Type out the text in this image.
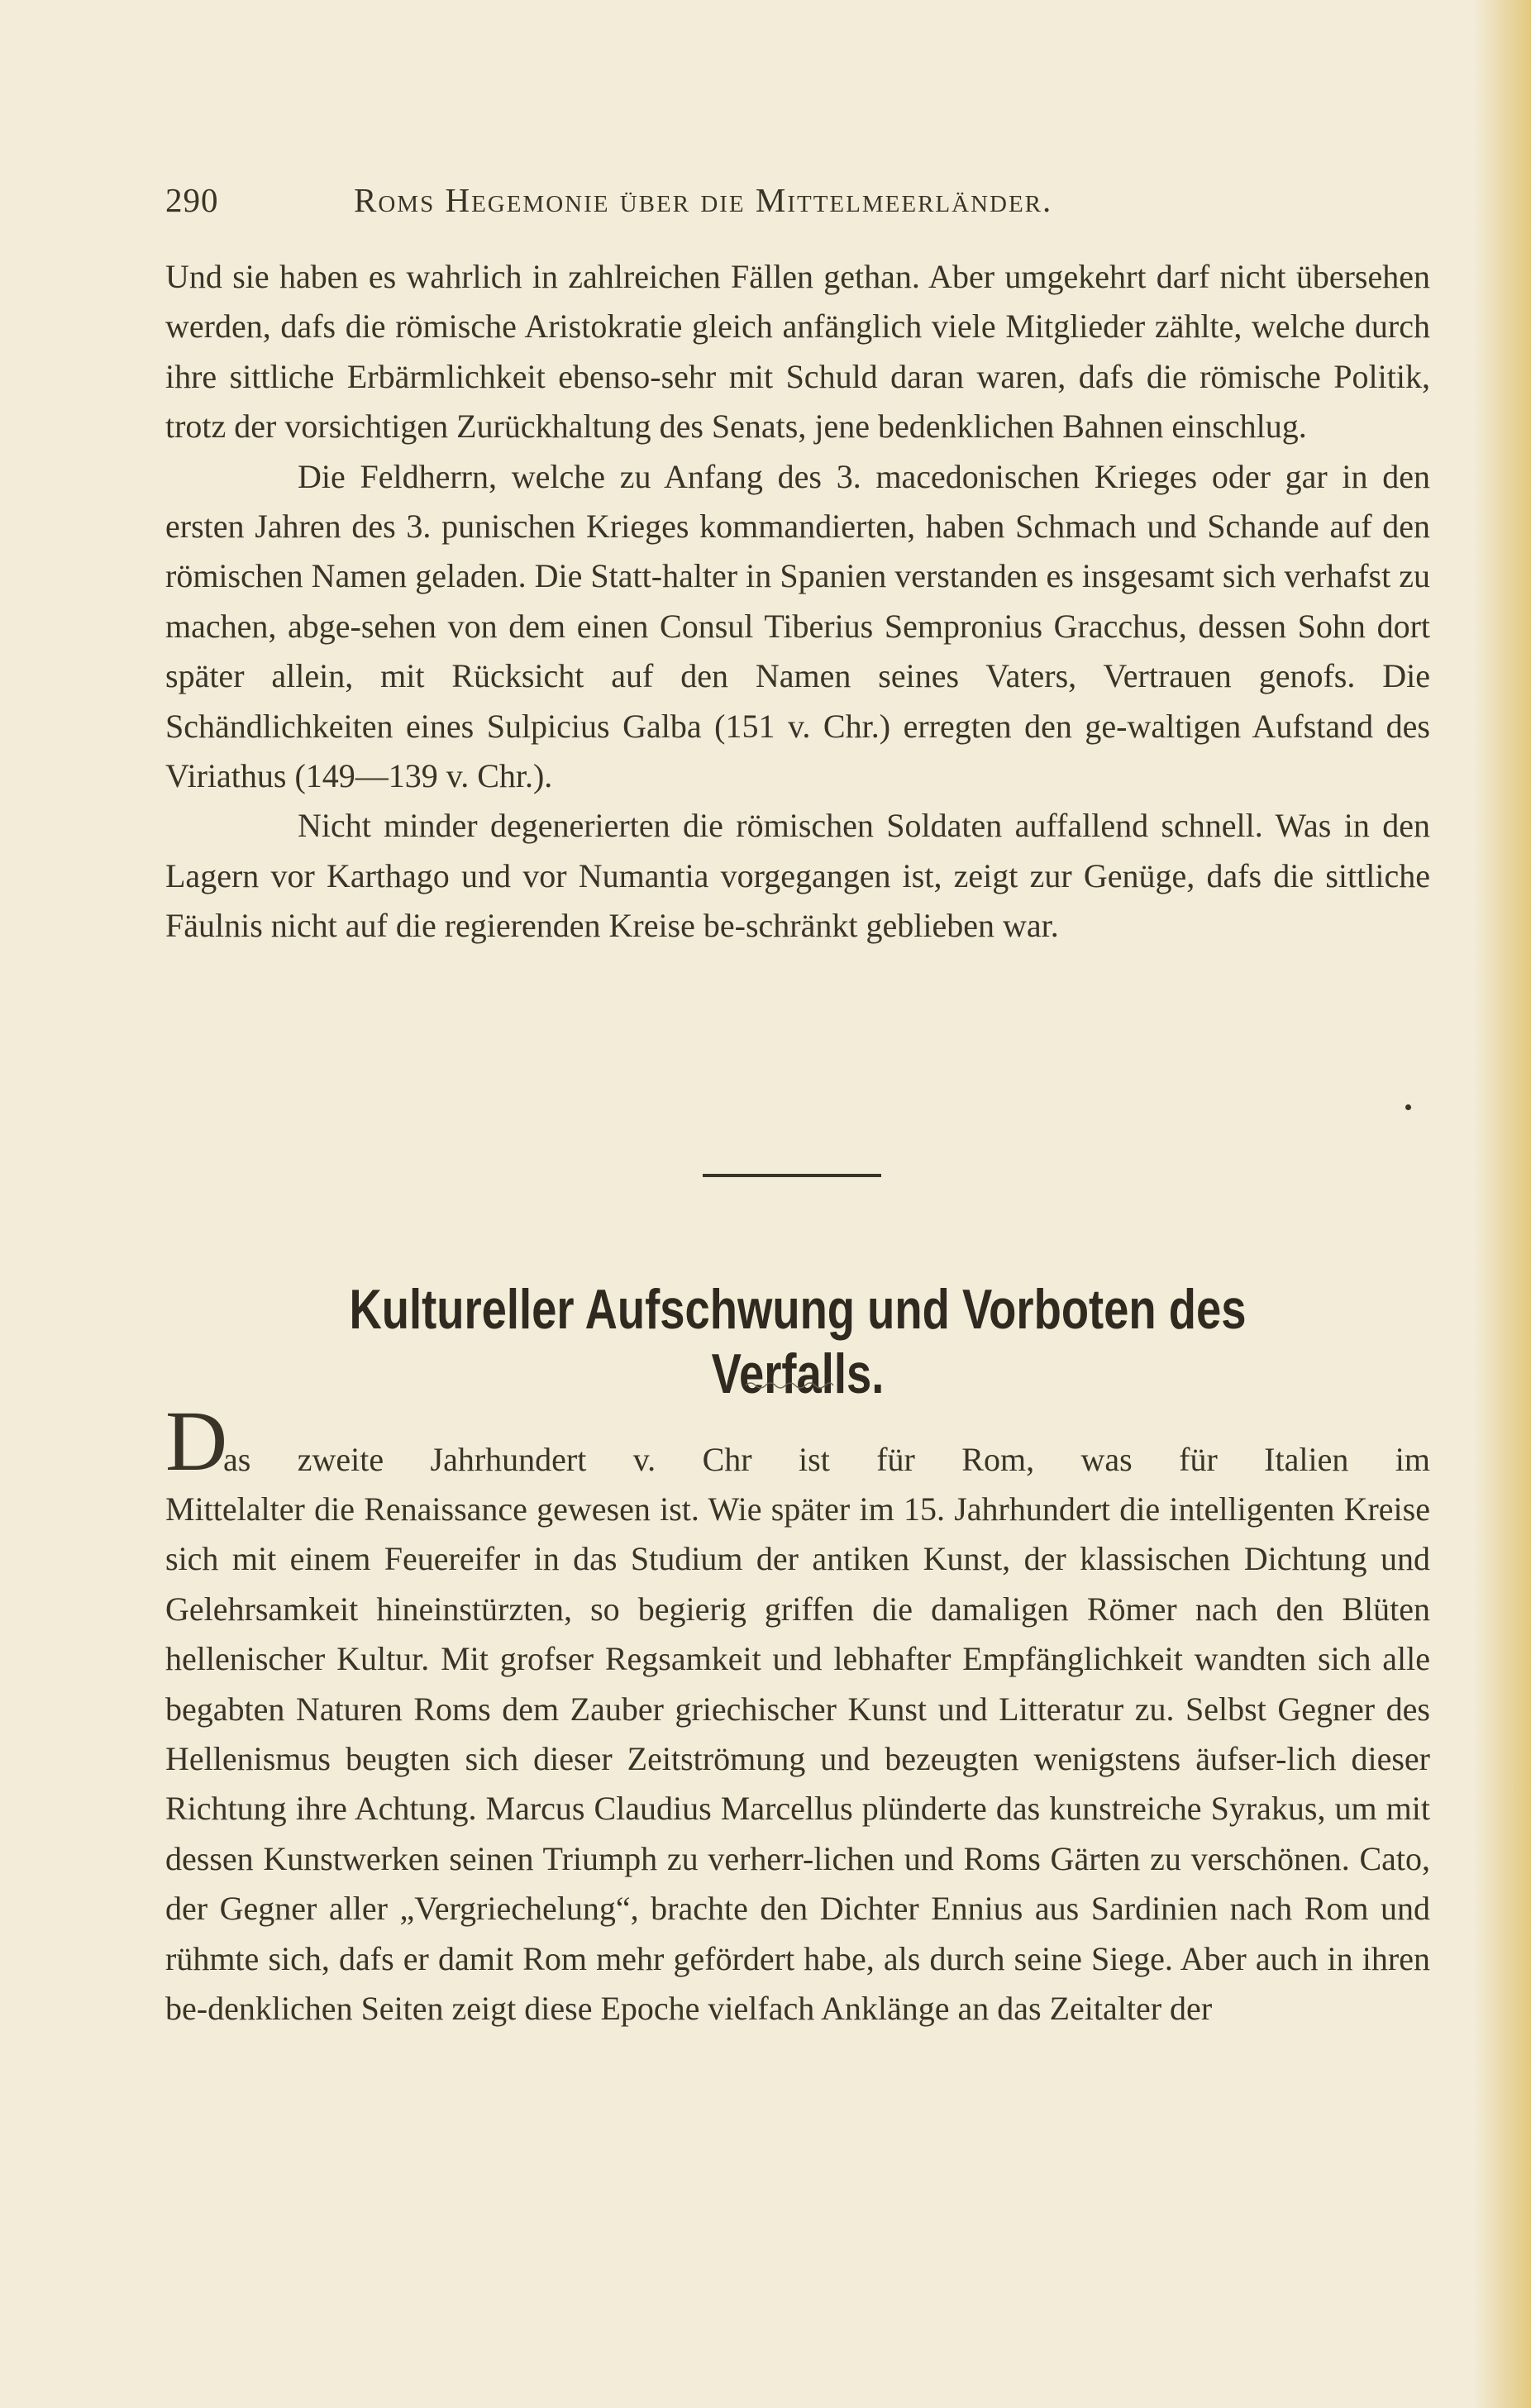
290	Roms Hegemonie über die Mittelmeerländer.

Und sie haben es wahrlich in zahlreichen Fällen gethan. Aber umgekehrt darf nicht übersehen werden, dafs die römische Aristokratie gleich anfänglich viele Mitglieder zählte, welche durch ihre sittliche Erbärmlichkeit ebenso-sehr mit Schuld daran waren, dafs die römische Politik, trotz der vorsichtigen Zurückhaltung des Senats, jene bedenklichen Bahnen einschlug.

Die Feldherrn, welche zu Anfang des 3. macedonischen Krieges oder gar in den ersten Jahren des 3. punischen Krieges kommandierten, haben Schmach und Schande auf den römischen Namen geladen. Die Statt-halter in Spanien verstanden es insgesamt sich verhafst zu machen, abge-sehen von dem einen Consul Tiberius Sempronius Gracchus, dessen Sohn dort später allein, mit Rücksicht auf den Namen seines Vaters, Vertrauen genofs. Die Schändlichkeiten eines Sulpicius Galba (151 v. Chr.) erregten den ge-waltigen Aufstand des Viriathus (149—139 v. Chr.).

Nicht minder degenerierten die römischen Soldaten auffallend schnell. Was in den Lagern vor Karthago und vor Numantia vorgegangen ist, zeigt zur Genüge, dafs die sittliche Fäulnis nicht auf die regierenden Kreise be-schränkt geblieben war.

Kultureller Aufschwung und Vorboten des Verfalls.
D
as zweite Jahrhundert v. Chr ist für Rom, was für Italien im

Mittelalter die Renaissance gewesen ist. Wie später im 15. Jahrhundert die intelligenten Kreise sich mit einem Feuereifer in das Studium der antiken Kunst, der klassischen Dichtung und Gelehrsamkeit hineinstürzten, so begierig griffen die damaligen Römer nach den Blüten hellenischer Kultur. Mit grofser Regsamkeit und lebhafter Empfänglichkeit wandten sich alle begabten Naturen Roms dem Zauber griechischer Kunst und Litteratur zu. Selbst Gegner des Hellenismus beugten sich dieser Zeitströmung und bezeugten wenigstens äufser-lich dieser Richtung ihre Achtung. Marcus Claudius Marcellus plünderte das kunstreiche Syrakus, um mit dessen Kunstwerken seinen Triumph zu verherr-lichen und Roms Gärten zu verschönen. Cato, der Gegner aller „Vergriechelung“, brachte den Dichter Ennius aus Sardinien nach Rom und rühmte sich, dafs er damit Rom mehr gefördert habe, als durch seine Siege. Aber auch in ihren be-denklichen Seiten zeigt diese Epoche vielfach Anklänge an das Zeitalter der
